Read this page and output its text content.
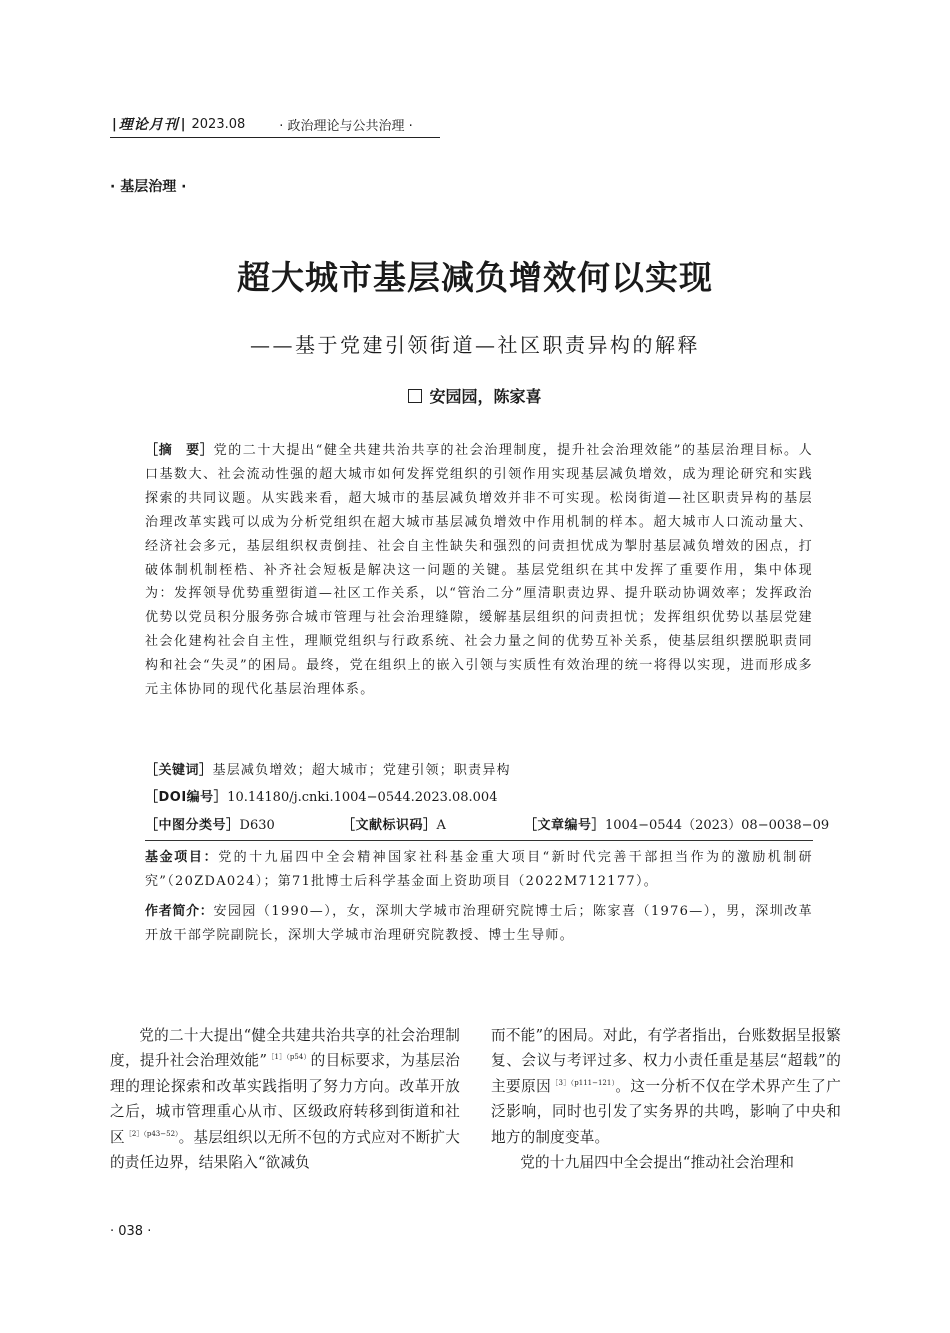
| 理论月刊 | 2023.08	· 政治理论与公共治理 ·
· 基层治理 ·
超大城市基层减负增效何以实现
——基于党建引领街道—社区职责异构的解释
安园园，陈家喜
［摘　要］党的二十大提出“健全共建共治共享的社会治理制度，提升社会治理效能”的基层治理目标。人口基数大、社会流动性强的超大城市如何发挥党组织的引领作用实现基层减负增效，成为理论研究和实践探索的共同议题。从实践来看，超大城市的基层减负增效并非不可实现。松岗街道—社区职责异构的基层治理改革实践可以成为分析党组织在超大城市基层减负增效中作用机制的样本。超大城市人口流动量大、经济社会多元，基层组织权责倒挂、社会自主性缺失和强烈的问责担忧成为掣肘基层减负增效的困点，打破体制机制桎梏、补齐社会短板是解决这一问题的关键。基层党组织在其中发挥了重要作用，集中体现为：发挥领导优势重塑街道—社区工作关系，以“管治二分”厘清职责边界、提升联动协调效率；发挥政治优势以党员积分服务弥合城市管理与社会治理缝隙，缓解基层组织的问责担忧；发挥组织优势以基层党建社会化建构社会自主性，理顺党组织与行政系统、社会力量之间的优势互补关系，使基层组织摆脱职责同构和社会“失灵”的困局。最终，党在组织上的嵌入引领与实质性有效治理的统一将得以实现，进而形成多元主体协同的现代化基层治理体系。
［关键词］基层减负增效；超大城市；党建引领；职责异构
［DOI编号］10.14180/j.cnki.1004−0544.2023.08.004
［中图分类号］D630	［文献标识码］A	［文章编号］1004−0544（2023）08−0038−09
基金项目：党的十九届四中全会精神国家社科基金重大项目“新时代完善干部担当作为的激励机制研究”（20ZDA024）；第71批博士后科学基金面上资助项目（2022M712177）。
作者简介：安园园（1990—），女，深圳大学城市治理研究院博士后；陈家喜（1976—），男，深圳改革开放干部学院副院长，深圳大学城市治理研究院教授、博士生导师。

党的二十大提出“健全共建共治共享的社会治理制度，提升社会治理效能”$^{[1](p54)}$的目标要求，为基层治理的理论探索和改革实践指明了努力方向。改革开放之后，城市管理重心从市、区级政府转移到街道和社区$^{[2](p43-52)}$。基层组织以无所不包的方式应对不断扩大的责任边界，结果陷入“欲减负

而不能”的困局。对此，有学者指出，台账数据呈报繁复、会议与考评过多、权力小责任重是基层“超载”的主要原因$^{[3](p111-121)}$。这一分析不仅在学术界产生了广泛影响，同时也引发了实务界的共鸣，影响了中央和地方的制度变革。

党的十九届四中全会提出“推动社会治理和

· 038 ·
